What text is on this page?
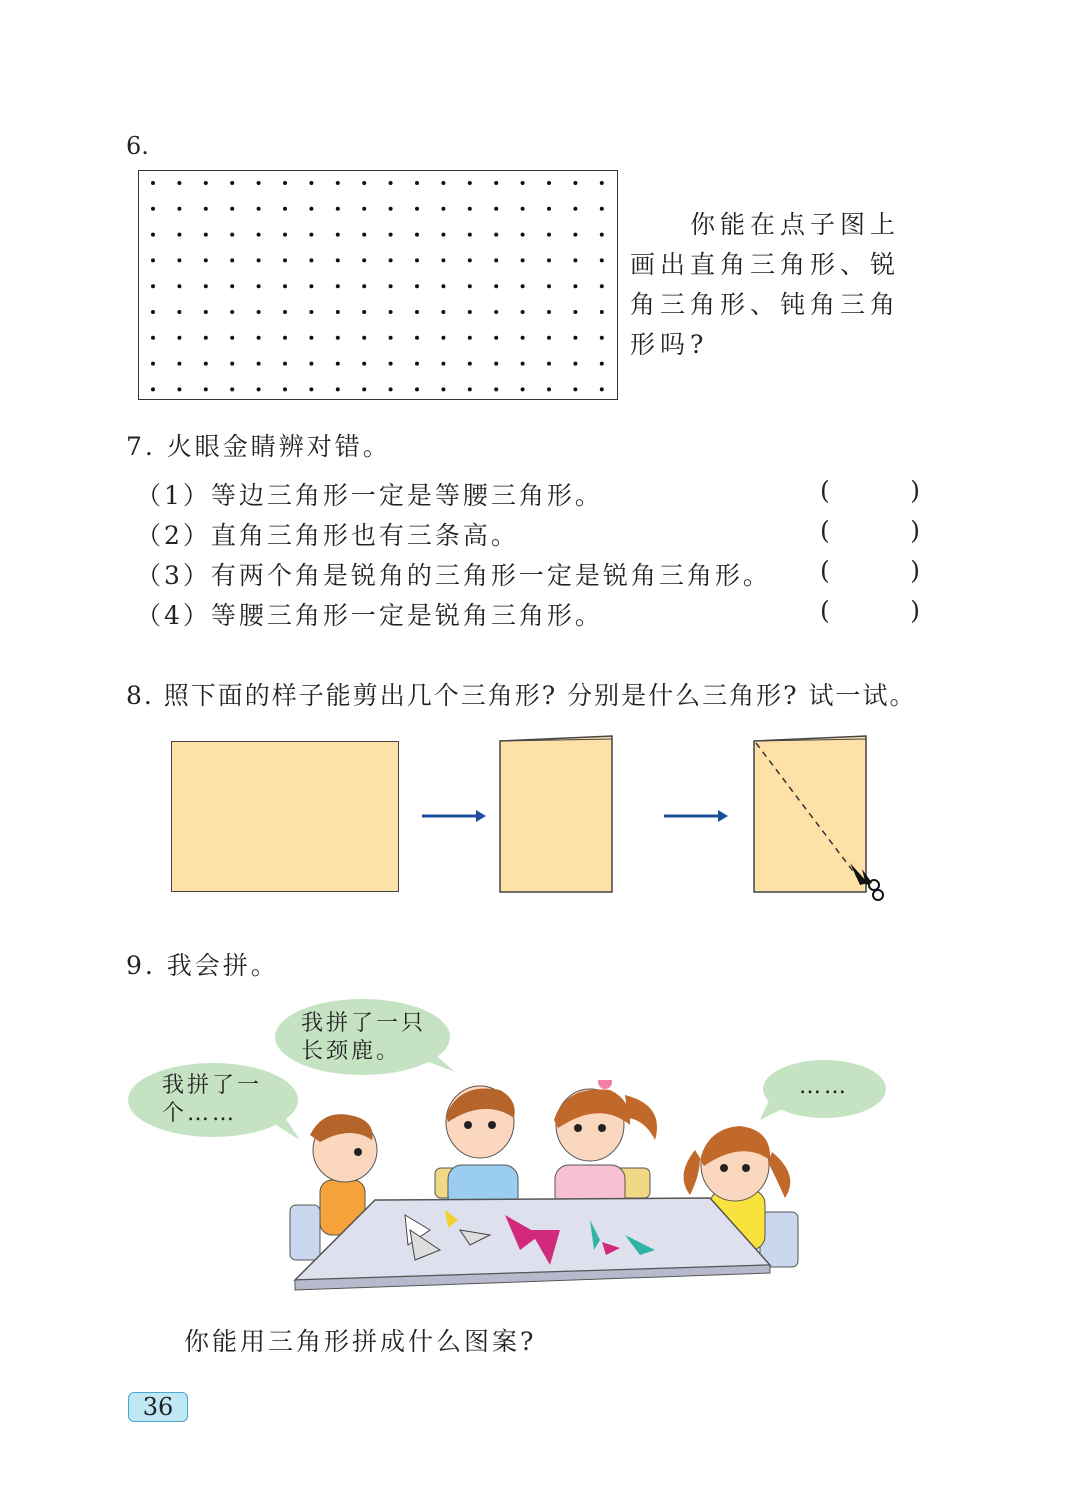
6.
你能在点子图上
画出直角三角形、锐
角三角形、钝角三角
形吗?
7. 火眼金睛辨对错。
（1）等边三角形一定是等腰三角形。	(	)
（2）直角三角形也有三条高。	(	)
（3）有两个角是锐角的三角形一定是锐角三角形。 (	)
（4）等腰三角形一定是锐角三角形。	(	)
8. 照下面的样子能剪出几个三角形? 分别是什么三角形? 试一试。
9. 我会拼。
我拼了一
个……
我拼了一只
长颈鹿。
……
你能用三角形拼成什么图案?
36
